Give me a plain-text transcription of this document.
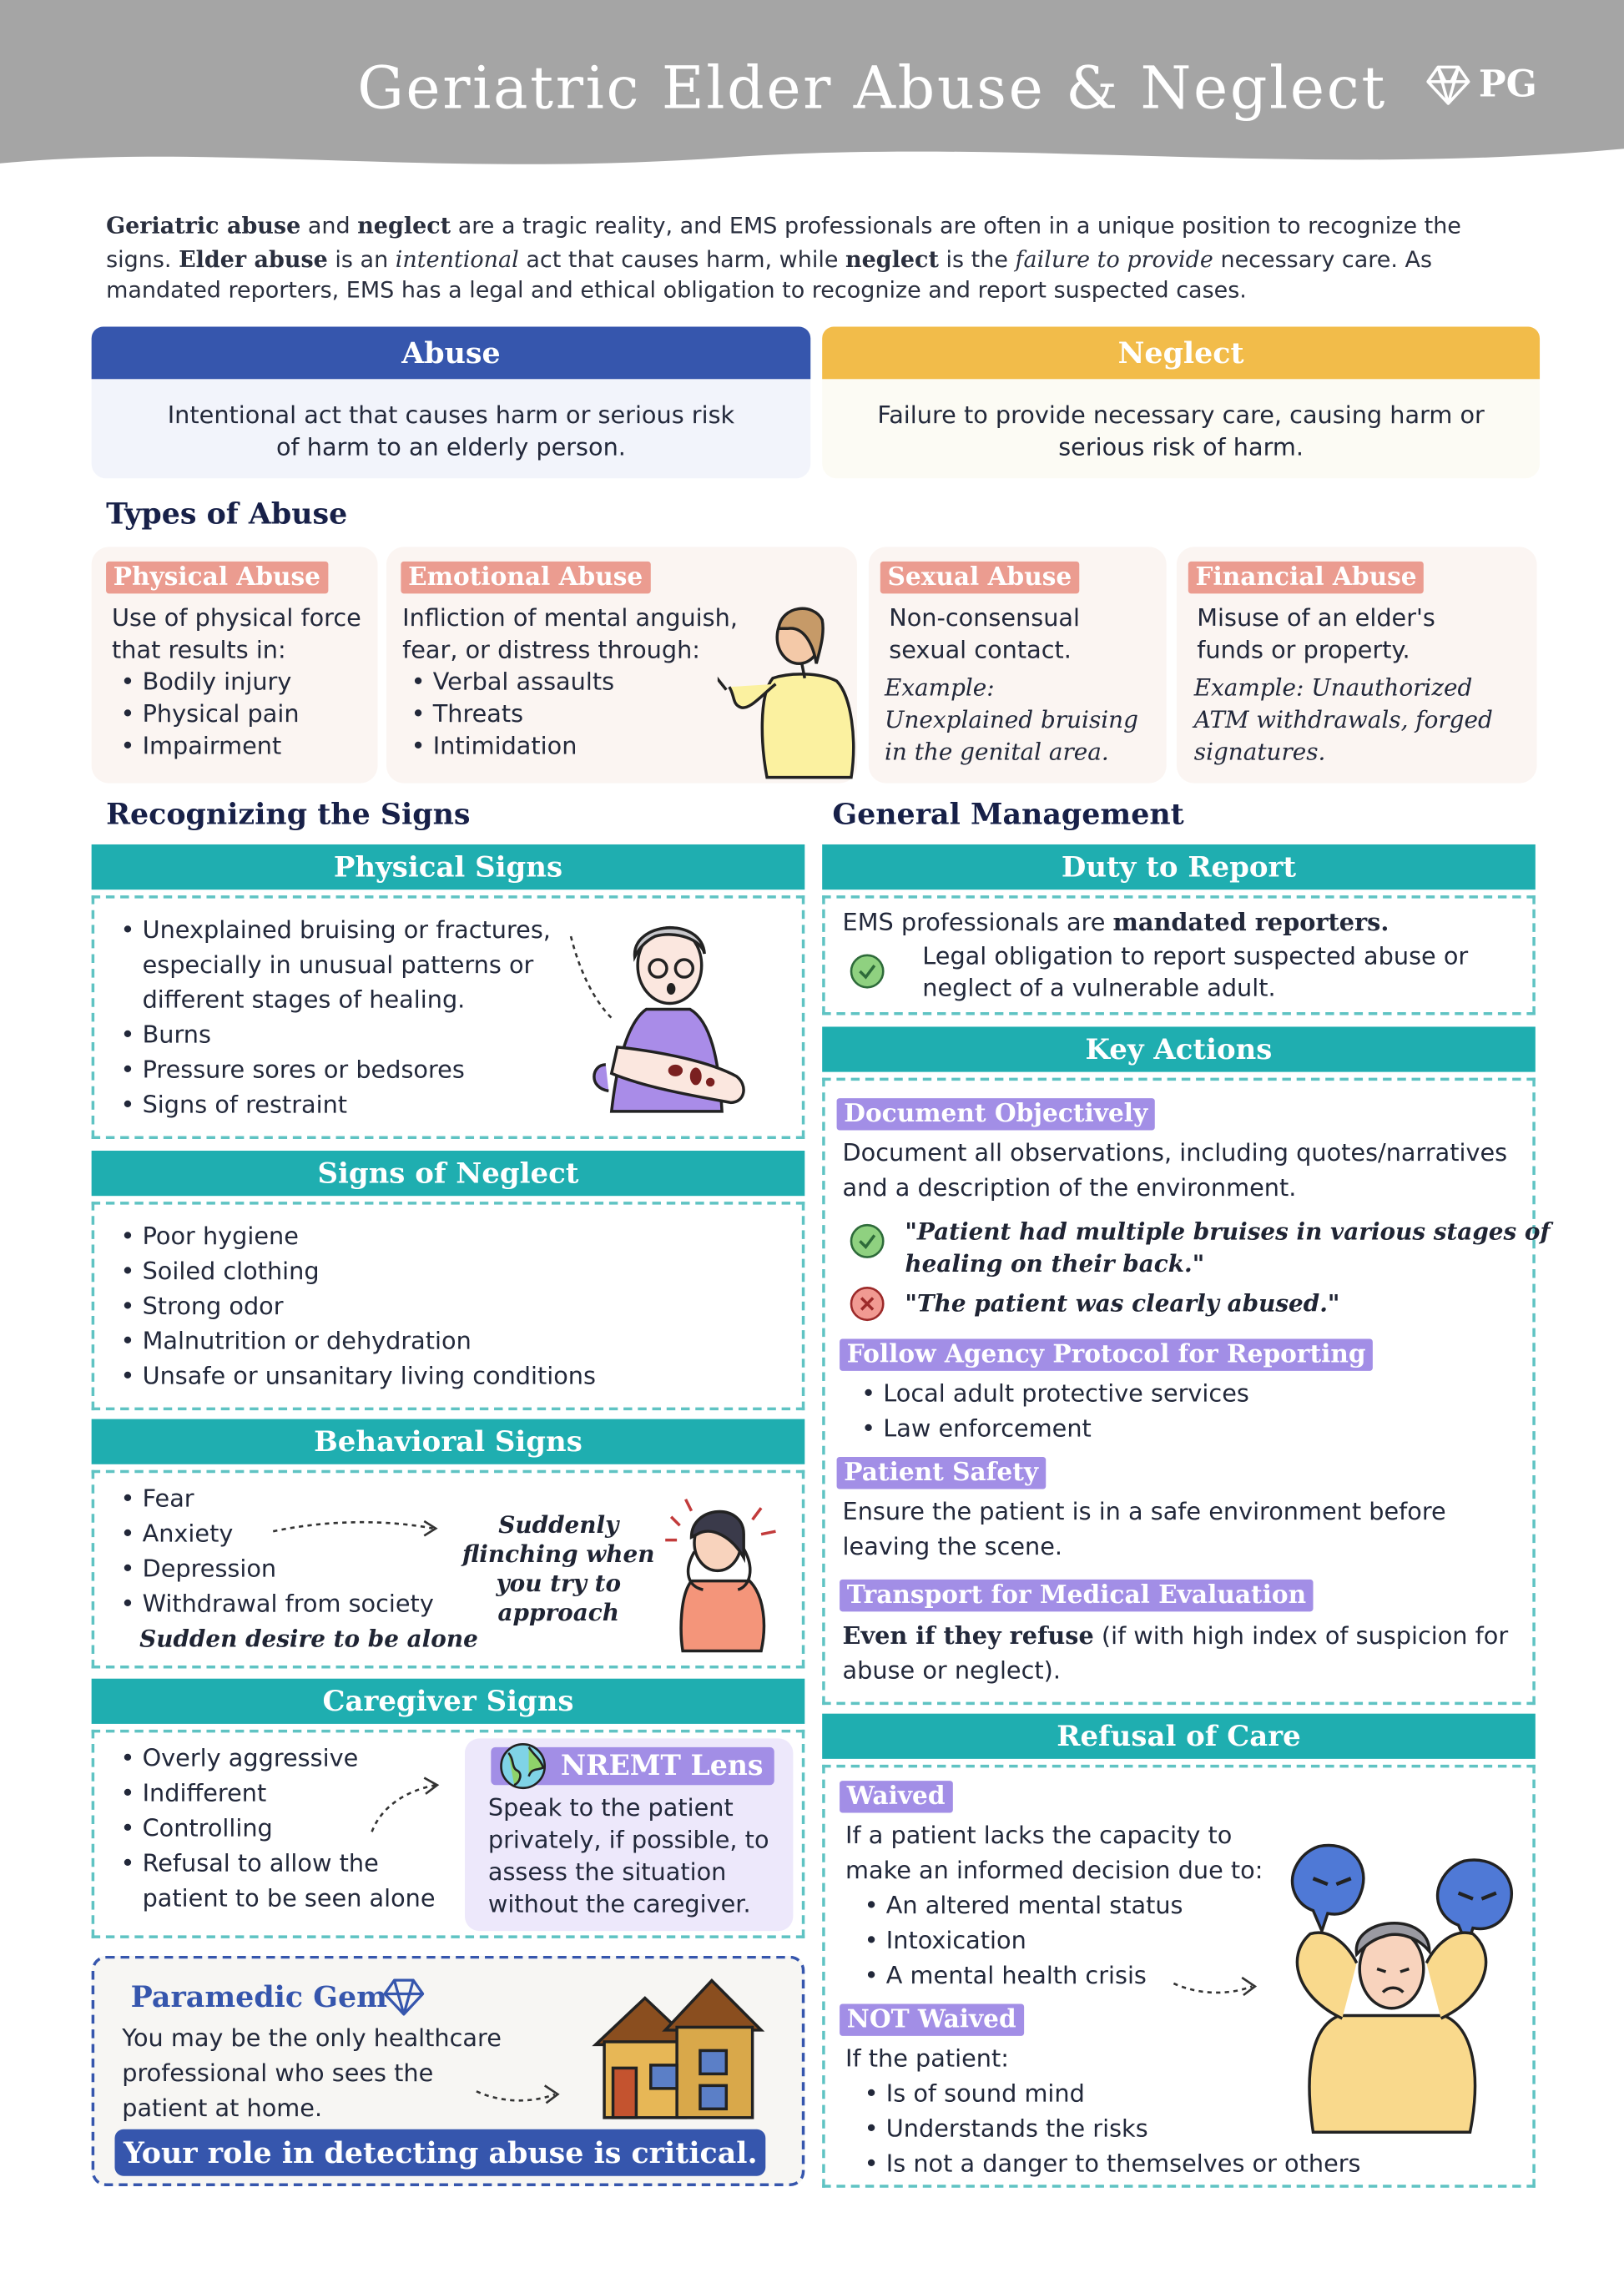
Geriatric Elder Abuse & Neglect	PG
Geriatric abuse and neglect are a tragic reality, and EMS professionals are often in a unique position to recognize the signs. Elder abuse is an intentional act that causes harm, while neglect is the failure to provide necessary care. As mandated reporters, EMS has a legal and ethical obligation to recognize and report suspected cases.
Abuse
Intentional act that causes harm or serious risk of harm to an elderly person.
Neglect
Failure to provide necessary care, causing harm or serious risk of harm.
Types of Abuse
Physical Abuse
Use of physical force
that results in:
• Bodily injury
• Physical pain
• Impairment
Emotional Abuse
Infliction of mental anguish,
fear, or distress through:
• Verbal assaults
• Threats
• Intimidation
Sexual Abuse
Non-consensual
sexual contact.
Example:
Unexplained bruising
in the genital area.
Financial Abuse
Misuse of an elder's
funds or property.
Example: Unauthorized
ATM withdrawals, forged
signatures.
Recognizing the Signs
Physical Signs
• Unexplained bruising or fractures,
especially in unusual patterns or
different stages of healing.
• Burns
• Pressure sores or bedsores
• Signs of restraint
Signs of Neglect
• Poor hygiene
• Soiled clothing
• Strong odor
• Malnutrition or dehydration
• Unsafe or unsanitary living conditions
Behavioral Signs
• Fear
• Anxiety
• Depression
• Withdrawal from society
Sudden desire to be alone
Suddenly
flinching when
you try to
approach
Caregiver Signs
• Overly aggressive
• Indifferent
• Controlling
• Refusal to allow the
patient to be seen alone
NREMT Lens
Speak to the patient
privately, if possible, to
assess the situation
without the caregiver.
Paramedic Gem
You may be the only healthcare
professional who sees the
patient at home.
Your role in detecting abuse is critical.
General Management
Duty to Report
EMS professionals are mandated reporters.
Legal obligation to report suspected abuse or
neglect of a vulnerable adult.
Key Actions
Document Objectively
Document all observations, including quotes/narratives
and a description of the environment.
"Patient had multiple bruises in various stages of
healing on their back."
"The patient was clearly abused."
Follow Agency Protocol for Reporting
• Local adult protective services
• Law enforcement
Patient Safety
Ensure the patient is in a safe environment before
leaving the scene.
Transport for Medical Evaluation
Even if they refuse (if with high index of suspicion for
abuse or neglect).
Refusal of Care
Waived
If a patient lacks the capacity to
make an informed decision due to:
• An altered mental status
• Intoxication
• A mental health crisis
NOT Waived
If the patient:
• Is of sound mind
• Understands the risks
• Is not a danger to themselves or others
